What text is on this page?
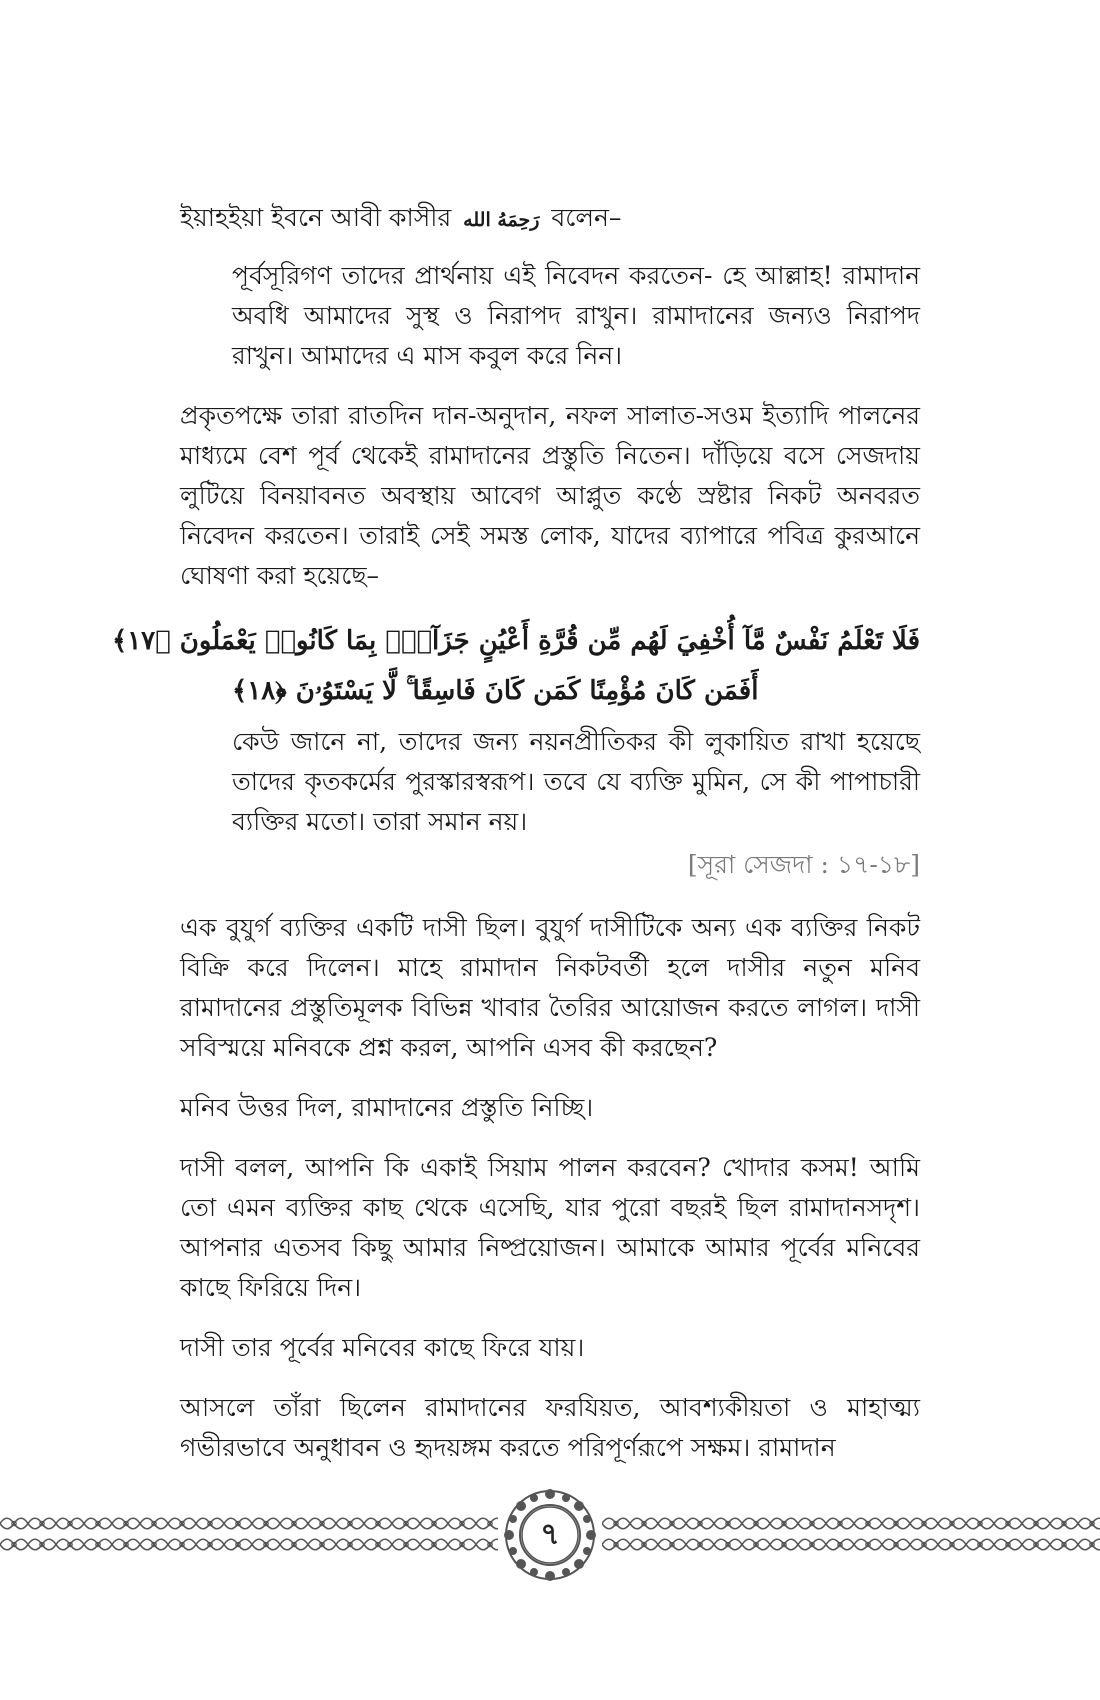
ইয়াহইয়া ইবনে আবী কাসীর رَحِمَهُ الله বলেন–

পূর্বসূরিগণ তাদের প্রার্থনায় এই নিবেদন করতেন- হে আল্লাহ! রামাদান অবধি আমাদের সুস্থ ও নিরাপদ রাখুন। রামাদানের জন্যও নিরাপদ রাখুন। আমাদের এ মাস কবুল করে নিন।

প্রকৃতপক্ষে তারা রাতদিন দান-অনুদান, নফল সালাত-সওম ইত্যাদি পালনের মাধ্যমে বেশ পূর্ব থেকেই রামাদানের প্রস্তুতি নিতেন। দাঁড়িয়ে বসে সেজদায় লুটিয়ে বিনয়াবনত অবস্থায় আবেগ আপ্লুত কণ্ঠে স্রষ্টার নিকট অনবরত নিবেদন করতেন। তারাই সেই সমস্ত লোক, যাদের ব্যাপারে পবিত্র কুরআনে ঘোষণা করা হয়েছে–

فَلَا تَعْلَمُ نَفْسٌ مَّآ أُخْفِيَ لَهُم مِّن قُرَّةِ أَعْيُنٍ جَزَآءًۢ بِمَا كَانُوا۟ يَعْمَلُونَ ﴿١٧﴾
أَفَمَن كَانَ مُؤْمِنًا كَمَن كَانَ فَاسِقًا ۚ لَّا يَسْتَوُۥنَ ﴿١٨﴾

কেউ জানে না, তাদের জন্য নয়নপ্রীতিকর কী লুকায়িত রাখা হয়েছে তাদের কৃতকর্মের পুরস্কারস্বরূপ। তবে যে ব্যক্তি মুমিন, সে কী পাপাচারী ব্যক্তির মতো। তারা সমান নয়।

[সূরা সেজদা : ১৭-১৮]

এক বুযুর্গ ব্যক্তির একটি দাসী ছিল। বুযুর্গ দাসীটিকে অন্য এক ব্যক্তির নিকট বিক্রি করে দিলেন। মাহে রামাদান নিকটবর্তী হলে দাসীর নতুন মনিব রামাদানের প্রস্তুতিমূলক বিভিন্ন খাবার তৈরির আয়োজন করতে লাগল। দাসী সবিস্ময়ে মনিবকে প্রশ্ন করল, আপনি এসব কী করছেন?

মনিব উত্তর দিল, রামাদানের প্রস্তুতি নিচ্ছি।

দাসী বলল, আপনি কি একাই সিয়াম পালন করবেন? খোদার কসম! আমি তো এমন ব্যক্তির কাছ থেকে এসেছি, যার পুরো বছরই ছিল রামাদানসদৃশ। আপনার এতসব কিছু আমার নিষ্প্রয়োজন। আমাকে আমার পূর্বের মনিবের কাছে ফিরিয়ে দিন।

দাসী তার পূর্বের মনিবের কাছে ফিরে যায়।

আসলে তাঁরা ছিলেন রামাদানের ফরযিয়ত, আবশ্যকীয়তা ও মাহাত্ম্য গভীরভাবে অনুধাবন ও হৃদয়ঙ্গম করতে পরিপূর্ণরূপে সক্ষম। রামাদান

৭
